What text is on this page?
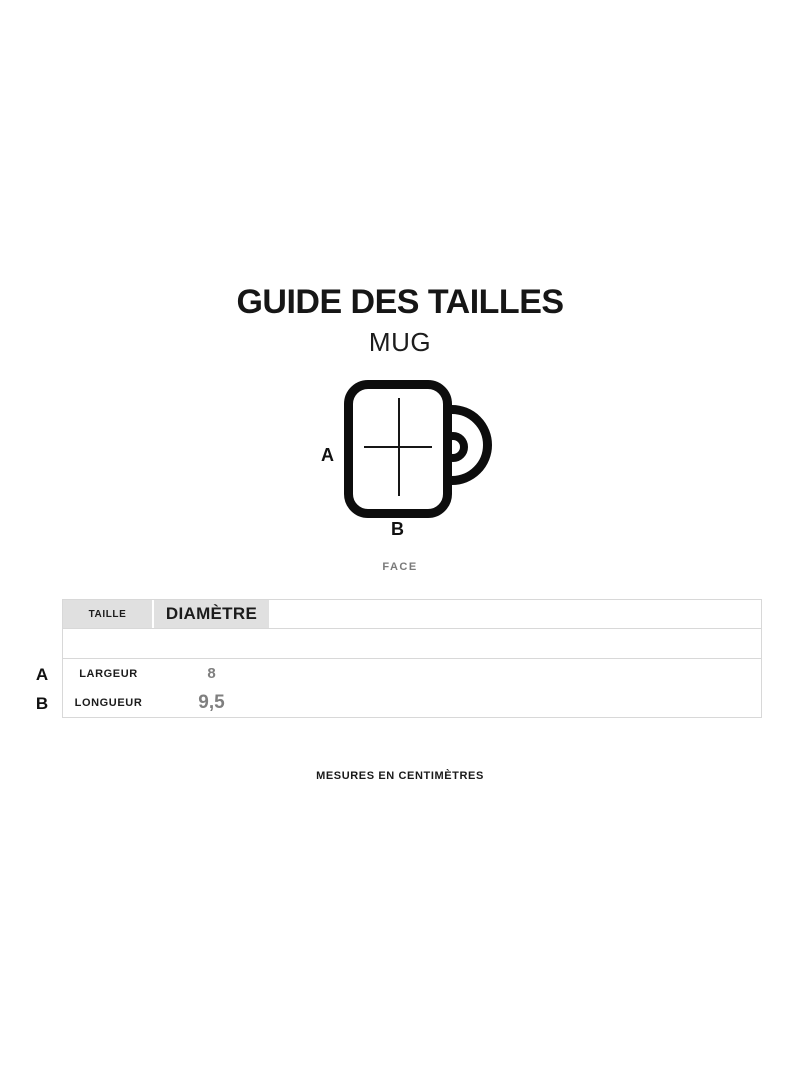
GUIDE DES TAILLES
MUG
A
B
FACE
A
B
TAILLE	DIAMÈTRE
LARGEUR	8
LONGUEUR	9,5
MESURES EN CENTIMÈTRES
